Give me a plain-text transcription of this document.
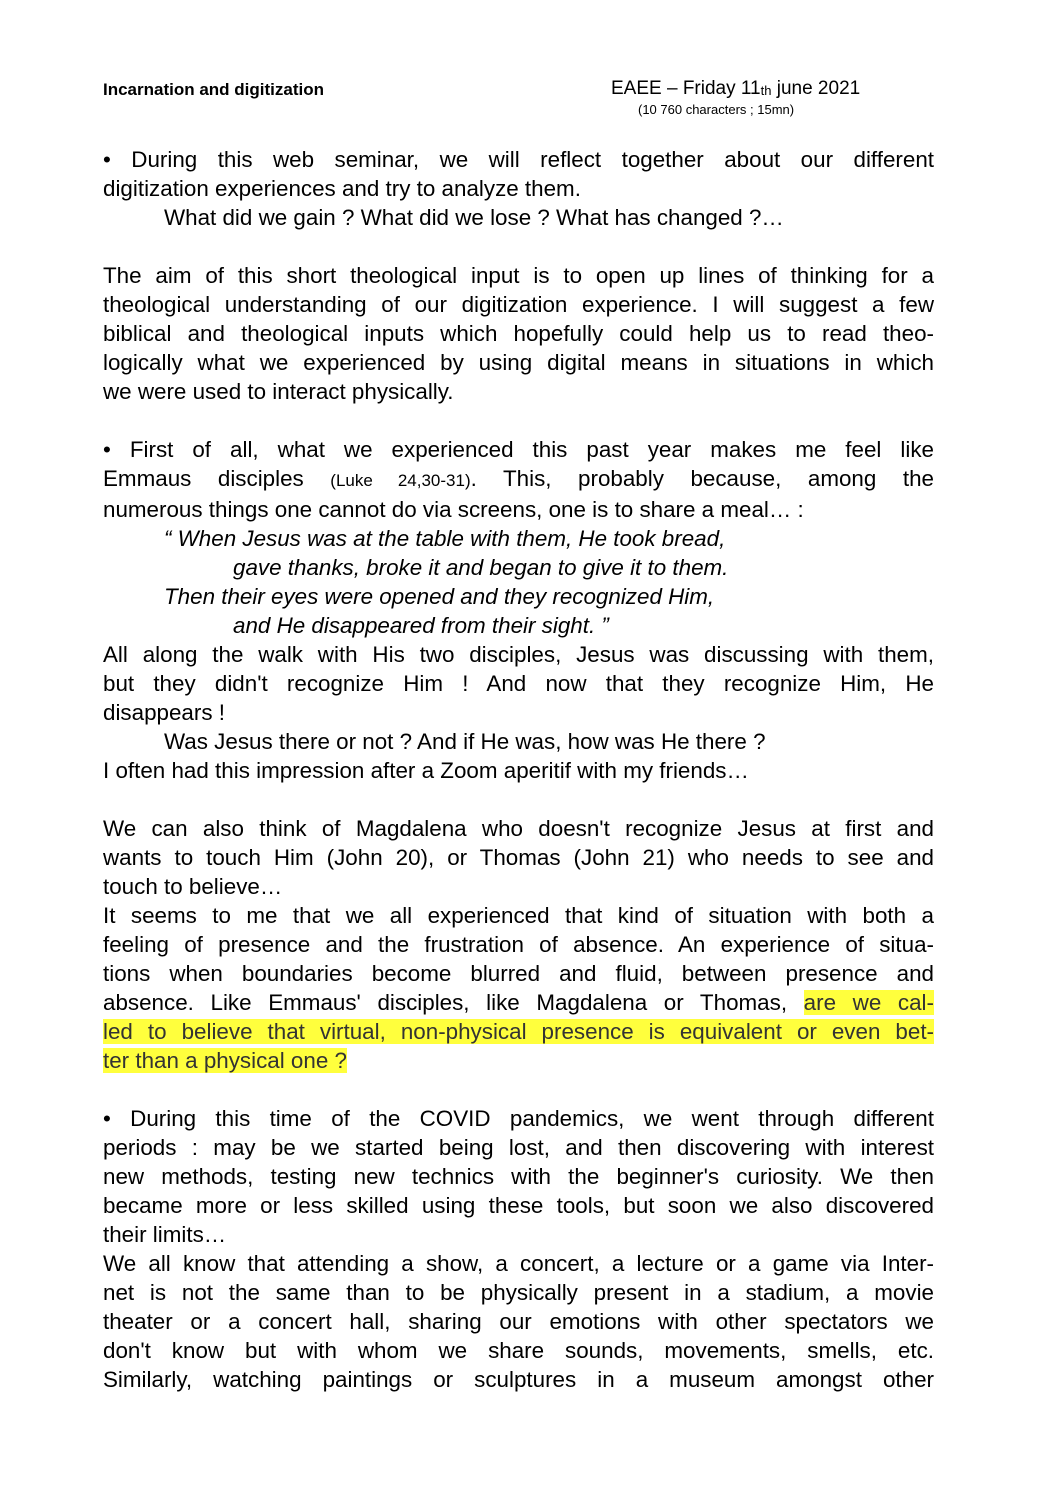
Incarnation and digitization	EAEE – Friday 11th june 2021
(10 760 characters ; 15mn)
• During this web seminar, we will reflect together about our different
digitization experiences and try to analyze them.
What did we gain ? What did we lose ? What has changed ?…
The aim of this short theological input is to open up lines of thinking for a
theological understanding of our digitization experience. I will suggest a few
biblical and theological inputs which hopefully could help us to read theo-
logically what we experienced by using digital means in situations in which
we were used to interact physically.
• First of all, what we experienced this past year makes me feel like
Emmaus disciples (Luke 24,30-31). This, probably because, among the
numerous things one cannot do via screens, one is to share a meal… :
“ When Jesus was at the table with them, He took bread,
gave thanks, broke it and began to give it to them.
Then their eyes were opened and they recognized Him,
and He disappeared from their sight. ”
All along the walk with His two disciples, Jesus was discussing with them,
but they didn't recognize Him ! And now that they recognize Him, He
disappears !
Was Jesus there or not ? And if He was, how was He there ?
I often had this impression after a Zoom aperitif with my friends…
We can also think of Magdalena who doesn't recognize Jesus at first and
wants to touch Him (John 20), or Thomas (John 21) who needs to see and
touch to believe…
It seems to me that we all experienced that kind of situation with both a
feeling of presence and the frustration of absence. An experience of situa-
tions when boundaries become blurred and fluid, between presence and
absence. Like Emmaus' disciples, like Magdalena or Thomas, are we cal-
led to believe that virtual, non-physical presence is equivalent or even bet-
ter than a physical one ?
• During this time of the COVID pandemics, we went through different
periods : may be we started being lost, and then discovering with interest
new methods, testing new technics with the beginner's curiosity. We then
became more or less skilled using these tools, but soon we also discovered
their limits…
We all know that attending a show, a concert, a lecture or a game via Inter-
net is not the same than to be physically present in a stadium, a movie
theater or a concert hall, sharing our emotions with other spectators we
don't know but with whom we share sounds, movements, smells, etc.
Similarly, watching paintings or sculptures in a museum amongst other
